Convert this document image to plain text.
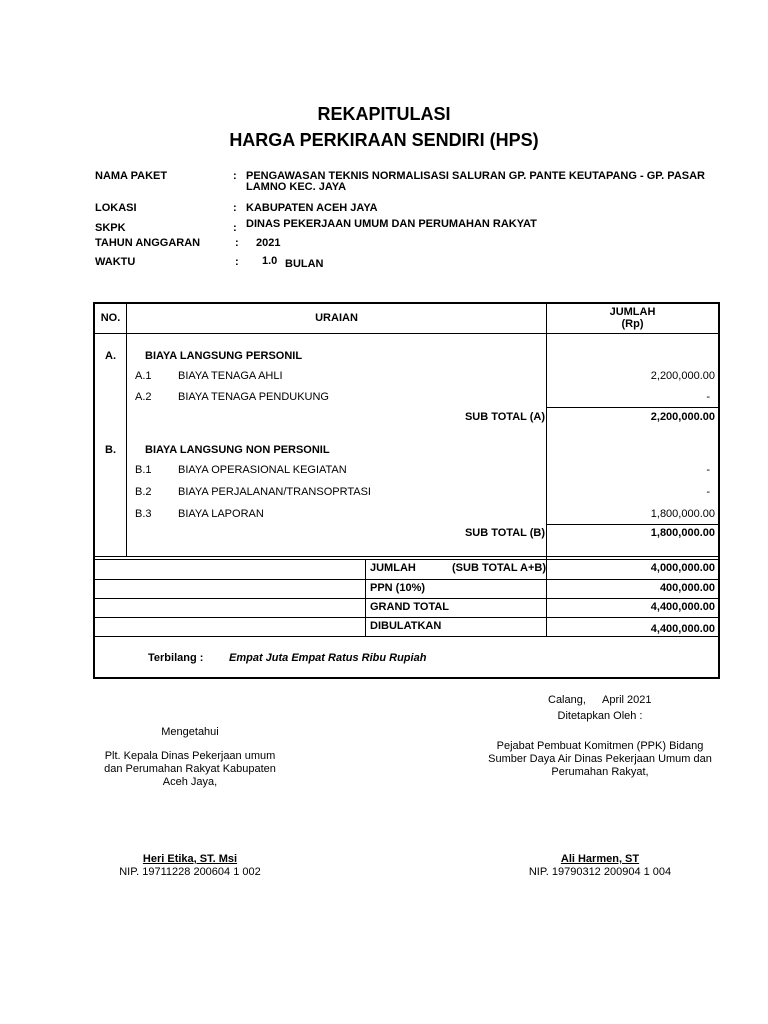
REKAPITULASI
HARGA PERKIRAAN SENDIRI (HPS)
NAMA PAKET	: PENGAWASAN TEKNIS NORMALISASI SALURAN GP. PANTE KEUTAPANG - GP. PASAR
LAMNO KEC. JAYA
LOKASI	: KABUPATEN ACEH JAYA
SKPK	: DINAS PEKERJAAN UMUM DAN PERUMAHAN RAKYAT
TAHUN ANGGARAN	: 2021
WAKTU	: 1.0 BULAN
NO.	URAIAN	JUMLAH
(Rp)
A.	BIAYA LANGSUNG PERSONIL
A.1 BIAYA TENAGA AHLI	2,200,000.00
A.2 BIAYA TENAGA PENDUKUNG	-
SUB TOTAL (A)	2,200,000.00
B.	BIAYA LANGSUNG NON PERSONIL
B.1 BIAYA OPERASIONAL KEGIATAN	-
B.2 BIAYA PERJALANAN/TRANSOPRTASI	-
B.3 BIAYA LAPORAN	1,800,000.00
SUB TOTAL (B)	1,800,000.00
JUMLAH	(SUB TOTAL A+B)	4,000,000.00
PPN (10%)	400,000.00
GRAND TOTAL	4,400,000.00
DIBULATKAN	4,400,000.00
Terbilang : Empat Juta Empat Ratus Ribu Rupiah
Calang, April 2021
Ditetapkan Oleh :
Mengetahui
Plt. Kepala Dinas Pekerjaan umum
dan Perumahan Rakyat Kabupaten
Aceh Jaya,
Pejabat Pembuat Komitmen (PPK) Bidang
Sumber Daya Air Dinas Pekerjaan Umum dan
Perumahan Rakyat,
Heri Etika, ST. Msi
NIP. 19711228 200604 1 002
Ali Harmen, ST
NIP. 19790312 200904 1 004
